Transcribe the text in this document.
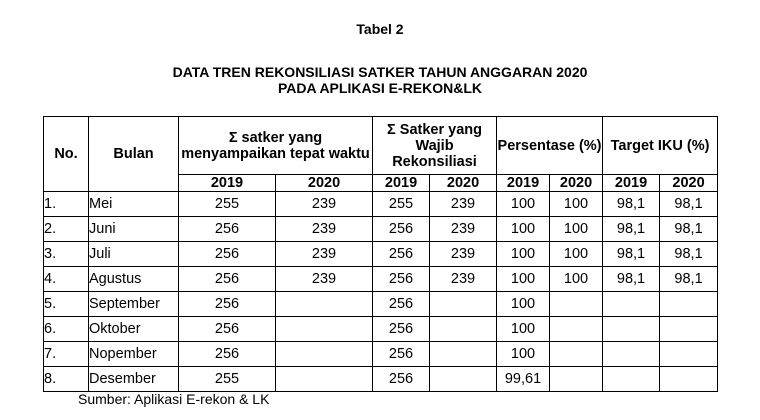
Tabel 2
DATA TREN REKONSILIASI SATKER TAHUN ANGGARAN 2020
PADA APLIKASI E-REKON&LK
No.	Bulan	Σ satker yang menyampaikan tepat waktu		Σ Satker yang Wajib Rekonsiliasi		Persentase (%)		Target IKU (%)	
		2019	2020	2019	2020	2019	2020	2019	2020
1.	Mei	255	239	255	239	100	100	98,1	98,1
2.	Juni	256	239	256	239	100	100	98,1	98,1
3.	Juli	256	239	256	239	100	100	98,1	98,1
4.	Agustus	256	239	256	239	100	100	98,1	98,1
5.	September	256		256		100			
6.	Oktober	256		256		100			
7.	Nopember	256		256		100			
8.	Desember	255		256		99,61			
Sumber: Aplikasi E-rekon & LK
